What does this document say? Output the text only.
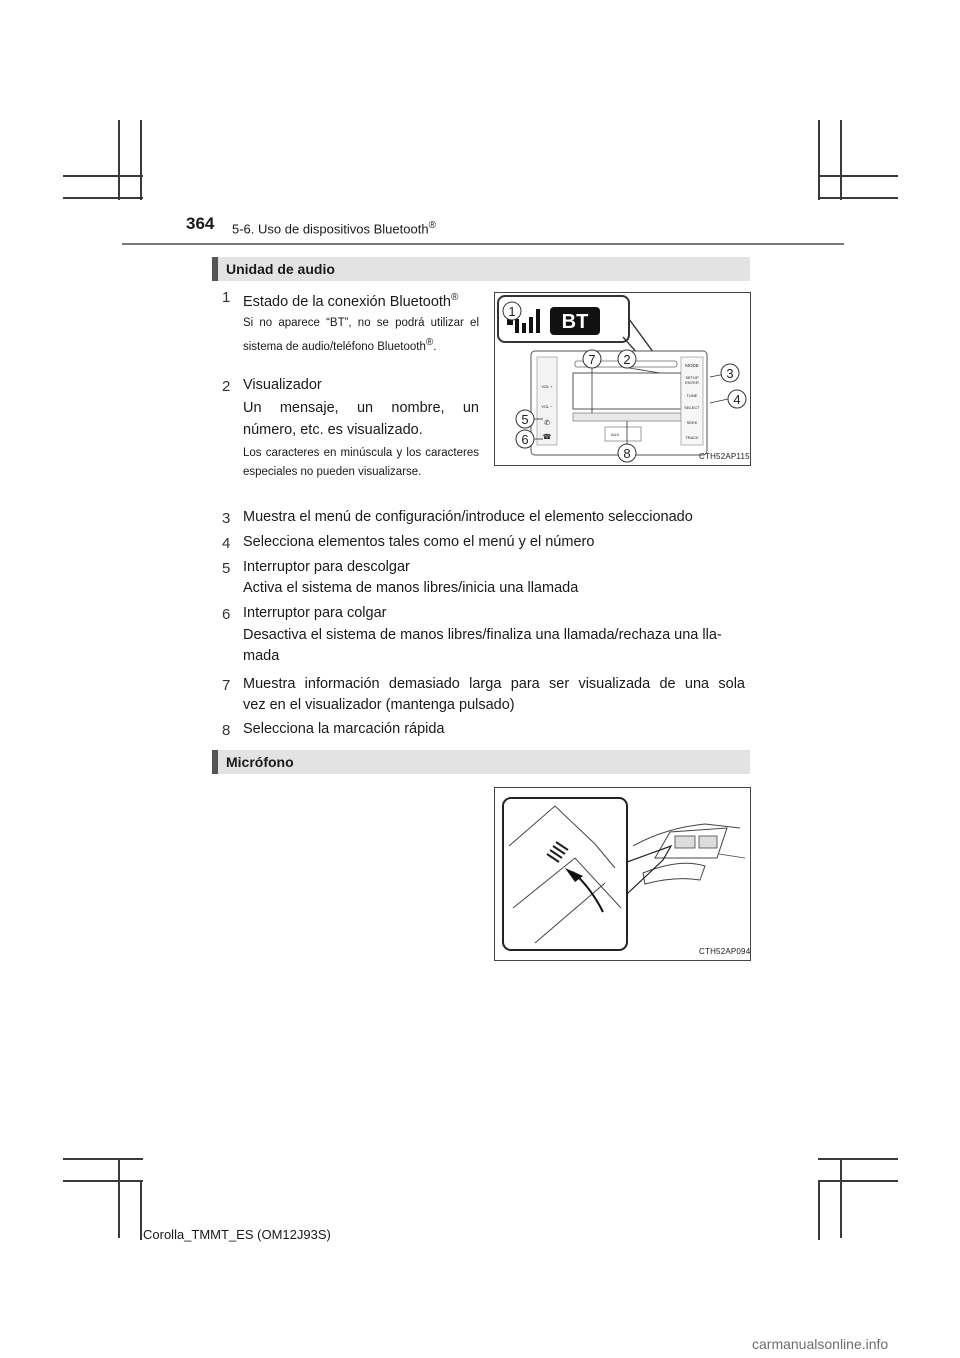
364 5-6. Uso de dispositivos Bluetooth®
Unidad de audio
1 Estado de la conexión Bluetooth®
Si no aparece “BT”, no se podrá utilizar el sistema de audio/teléfono Bluetooth®.
2 Visualizador
Un mensaje, un nombre, un número, etc. es visualizado.
Los caracteres en minúscula y los caracteres especiales no pueden visualizarse.
3 Muestra el menú de configuración/introduce el elemento seleccionado
4 Selecciona elementos tales como el menú y el número
5 Interruptor para descolgar
Activa el sistema de manos libres/inicia una llamada
6 Interruptor para colgar
Desactiva el sistema de manos libres/finaliza una llamada/rechaza una lla-
mada
7 Muestra información demasiado larga para ser visualizada de una sola
vez en el visualizador (mantenga pulsado)
8 Selecciona la marcación rápida
BT
MODE
SETUP
ENTER
TUNE
SELECT
SEEK
TRACK
VOL +
VOL −
AUX
✆
☎
1
2
3
4
5
6
7
8	CTH52AP115
Micrófono
CTH52AP094
Corolla_TMMT_ES (OM12J93S)
carmanualsonline.info
